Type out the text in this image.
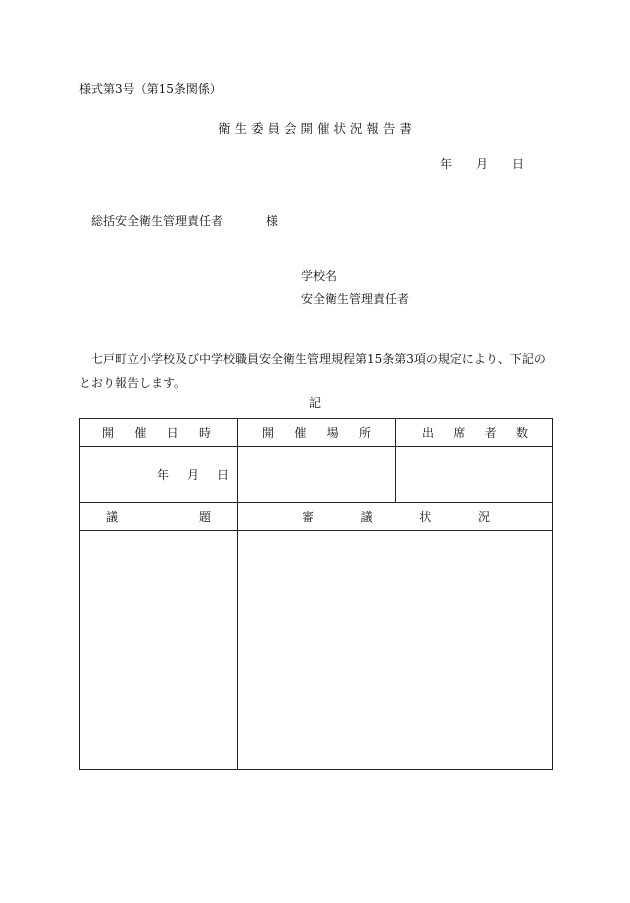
様式第3号（第15条関係）
衛 生 委 員 会 開 催 状 況 報 告 書
年　　月　　日
総括安全衛生管理責任者	様
学校名
安全衛生管理責任者
七戸町立小学校及び中学校職員安全衛生管理規程第15条第3項の規定により、下記のとおり報告します。
記
開 催 日 時	開 催 場 所	出 席 者 数

年 月 日		

議 題	審 議 状 況	
